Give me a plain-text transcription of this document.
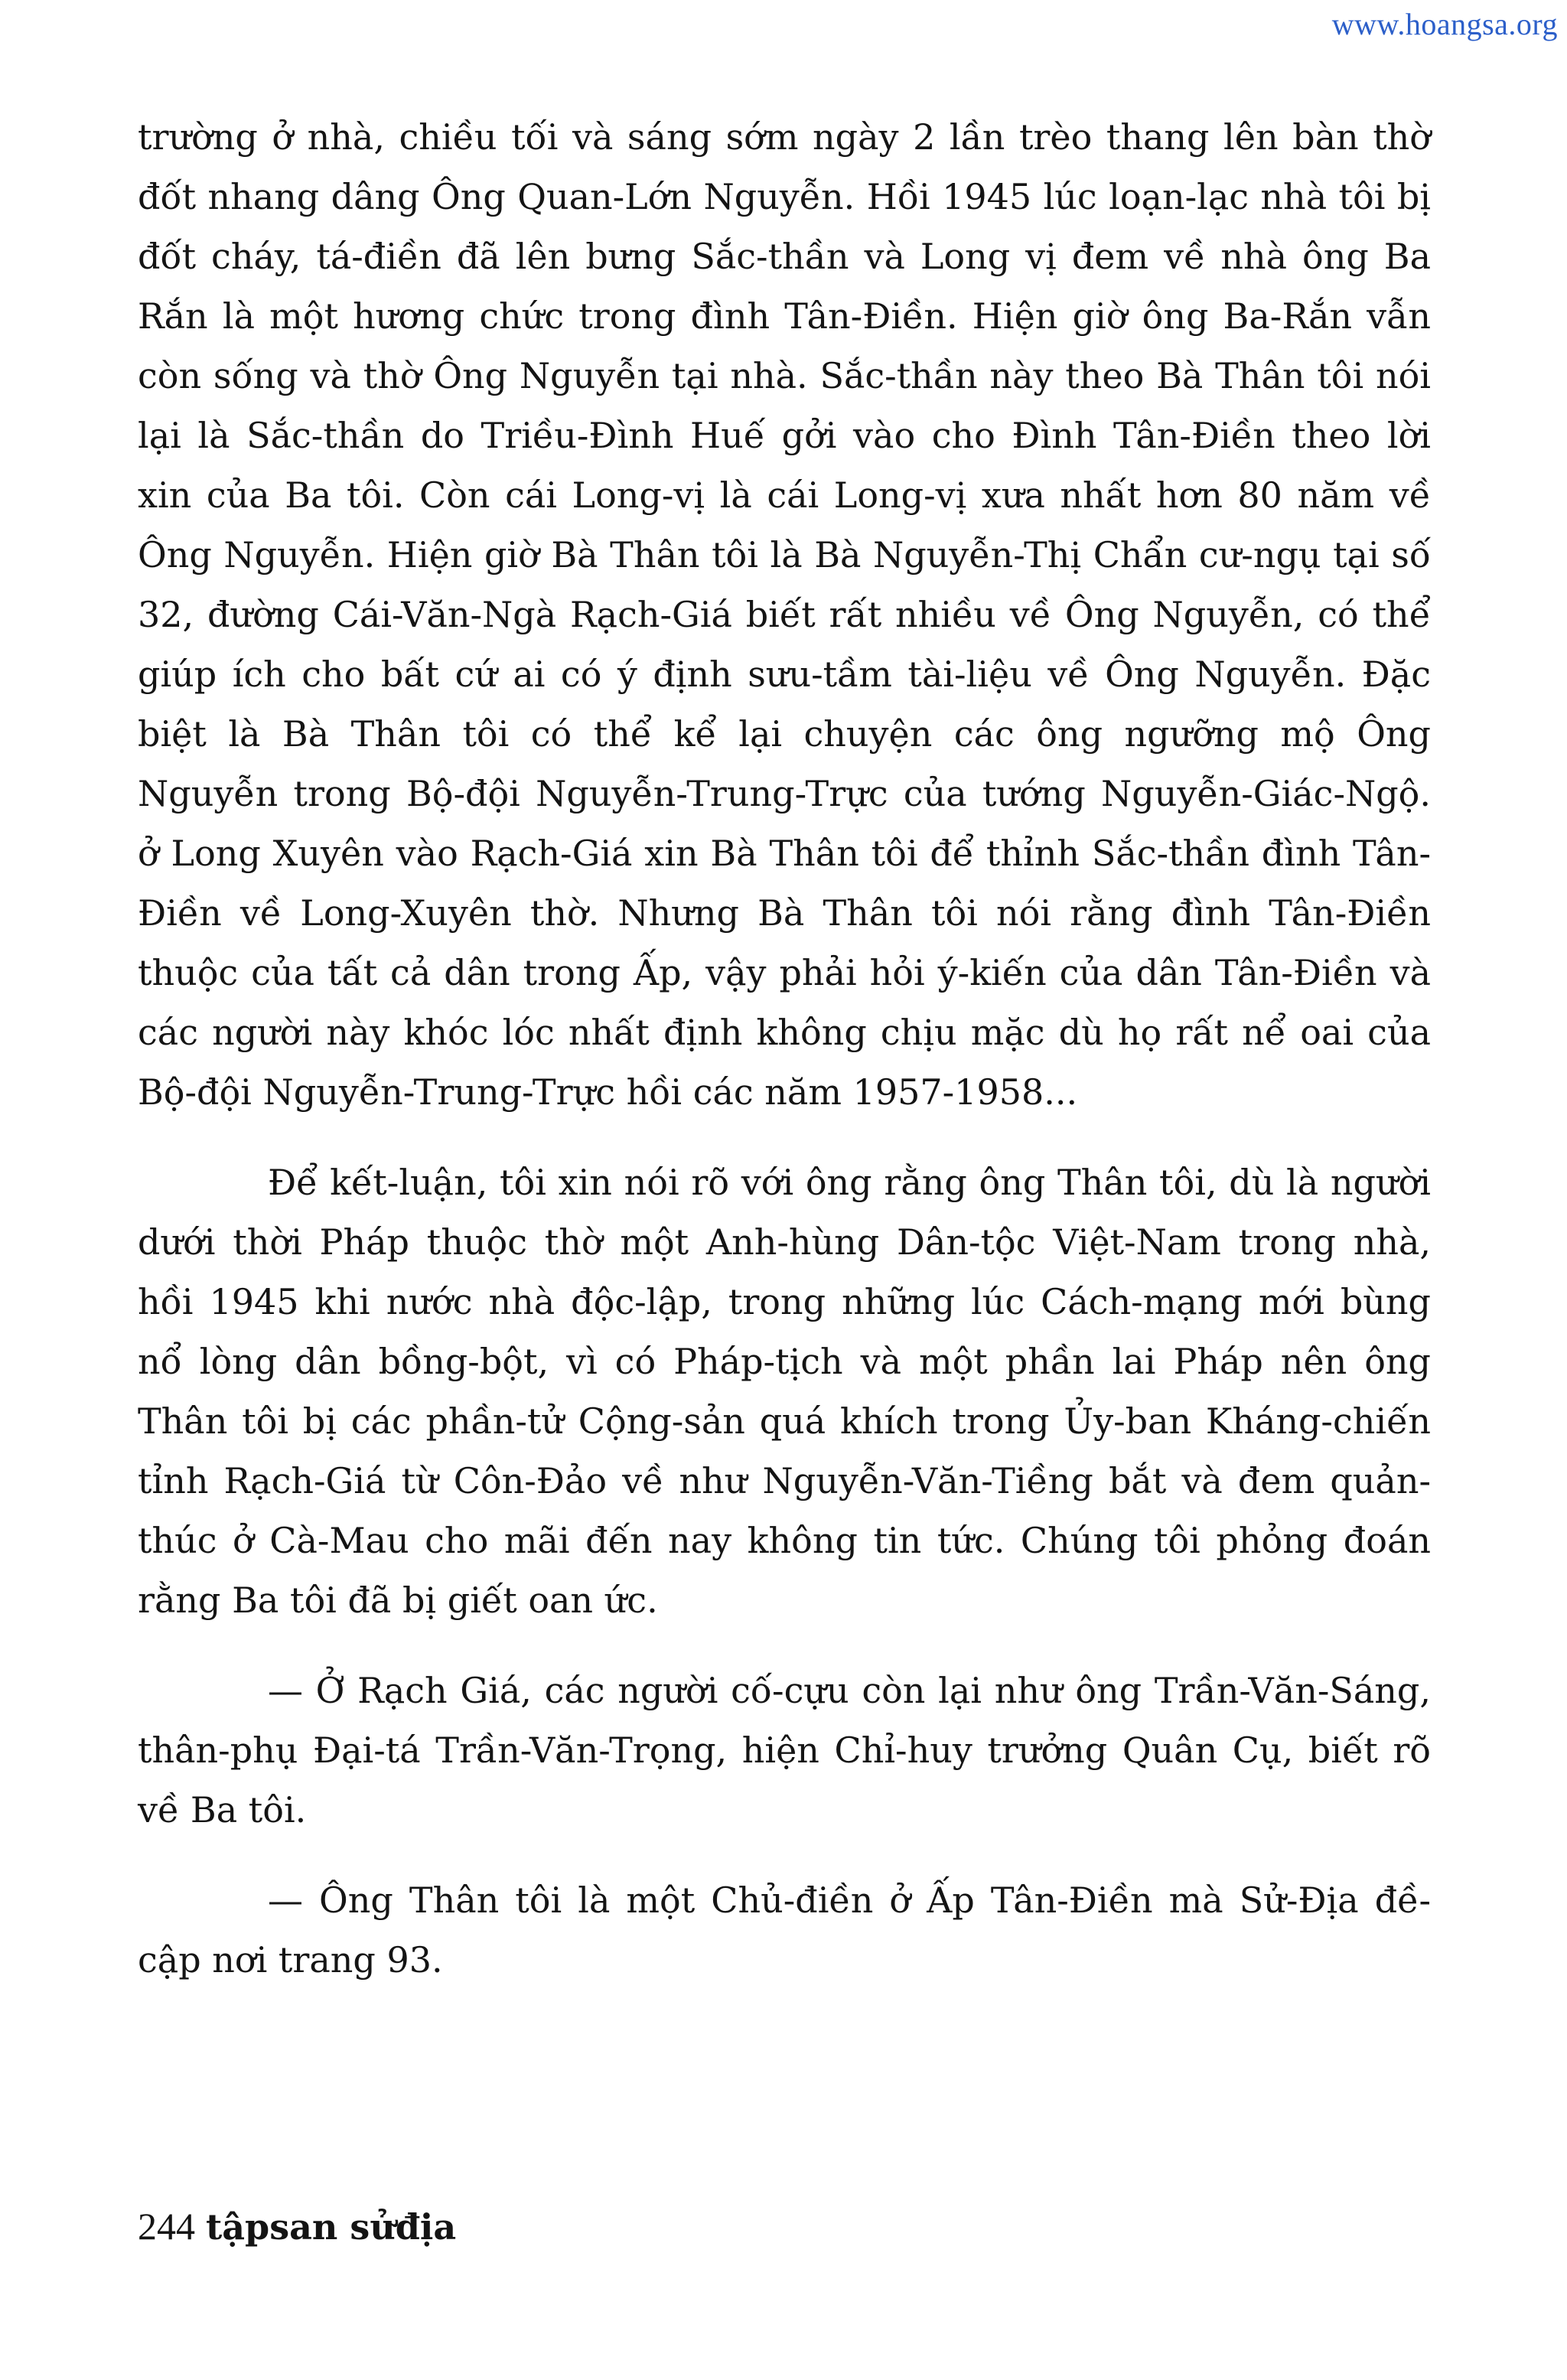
www.hoangsa.org

trường ở nhà, chiều tối và sáng sớm ngày 2 lần trèo thang lên bàn thờ đốt nhang dâng Ông Quan-Lớn Nguyễn. Hồi 1945 lúc loạn-lạc nhà tôi bị đốt cháy, tá-điền đã lên bưng Sắc-thần và Long vị đem về nhà ông Ba Rắn là một hương chức trong đình Tân-Điền. Hiện giờ ông Ba-Rắn vẫn còn sống và thờ Ông Nguyễn tại nhà. Sắc-thần này theo Bà Thân tôi nói lại là Sắc-thần do Triều-Đình Huế gởi vào cho Đình Tân-Điền theo lời xin của Ba tôi. Còn cái Long-vị là cái Long-vị xưa nhất hơn 80 năm về Ông Nguyễn. Hiện giờ Bà Thân tôi là Bà Nguyễn-Thị Chẩn cư-ngụ tại số 32, đường Cái-Văn-Ngà Rạch-Giá biết rất nhiều về Ông Nguyễn, có thể giúp ích cho bất cứ ai có ý định sưu-tầm tài-liệu về Ông Nguyễn. Đặc biệt là Bà Thân tôi có thể kể lại chuyện các ông ngưỡng mộ Ông Nguyễn trong Bộ-đội Nguyễn-Trung-Trực của tướng Nguyễn-Giác-Ngộ. ở Long Xuyên vào Rạch-Giá xin Bà Thân tôi để thỉnh Sắc-thần đình Tân-Điền về Long-Xuyên thờ. Nhưng Bà Thân tôi nói rằng đình Tân-Điền thuộc của tất cả dân trong Ấp, vậy phải hỏi ý-kiến của dân Tân-Điền và các người này khóc lóc nhất định không chịu mặc dù họ rất nể oai của Bộ-đội Nguyễn-Trung-Trực hồi các năm 1957-1958...

Để kết-luận, tôi xin nói rõ với ông rằng ông Thân tôi, dù là người dưới thời Pháp thuộc thờ một Anh-hùng Dân-tộc Việt-Nam trong nhà, hồi 1945 khi nước nhà độc-lập, trong những lúc Cách-mạng mới bùng nổ lòng dân bồng-bột, vì có Pháp-tịch và một phần lai Pháp nên ông Thân tôi bị các phần-tử Cộng-sản quá khích trong Ủy-ban Kháng-chiến tỉnh Rạch-Giá từ Côn-Đảo về như Nguyễn-Văn-Tiềng bắt và đem quản-thúc ở Cà-Mau cho mãi đến nay không tin tức. Chúng tôi phỏng đoán rằng Ba tôi đã bị giết oan ức.

— Ở Rạch Giá, các người cố-cựu còn lại như ông Trần-Văn-Sáng, thân-phụ Đại-tá Trần-Văn-Trọng, hiện Chỉ-huy trưởng Quân Cụ, biết rõ về Ba tôi.

— Ông Thân tôi là một Chủ-điền ở Ấp Tân-Điền mà Sử-Địa đề-cập nơi trang 93.

244 tậpsan sửđịa
